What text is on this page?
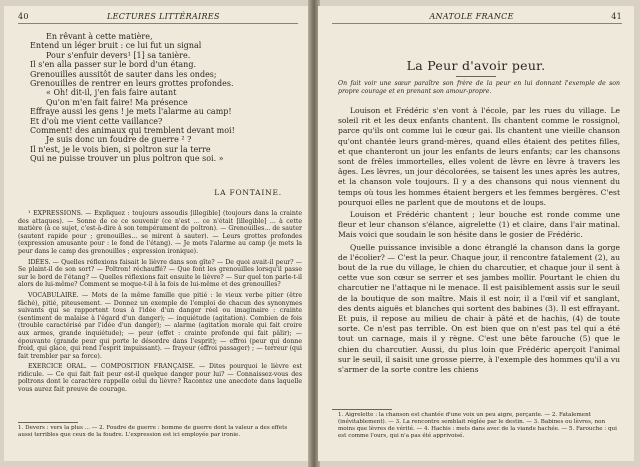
40	LECTURES LITTÉRAIRES
En rêvant à cette matière,
Entend un léger bruit : ce lui fut un signal
Pour s'enfuir devers¹ [1] sa tanière.
Il s'en alla passer sur le bord d'un étang.
Grenouilles aussitôt de sauter dans les ondes;
Grenouilles de rentrer en leurs grottes profondes.
« Oh! dit-il, j'en fais faire autant
Qu'on m'en fait faire! Ma présence
Effraye aussi les gens ! je mets l'alarme au camp!
Et d'où me vient cette vaillance?
Comment! des animaux qui tremblent devant moi!
Je suis donc un foudre de guerre ² ?
Il n'est, je le vois bien, si poltron sur la terre
Qui ne puisse trouver un plus poltron que soi. »
LA FONTAINE.

¹ EXPRESSIONS. — Expliquez : toujours assoudis [illegible] (toujours dans la crainte des attaques). — Sonne de ce ce souvenir (ce n'est ... ce n'était [illegible] ... à cette matière (à ce sujet, c'est-à-dire à son tempérament de poltron). — Grenouilles... de sauter (sautent rapide pour ; grenouilles... se mirent à sauter). — Leurs grottes profondes (expression amusante pour : le fond de l'étang). — Je mets l'alarme au camp (je mets la peur dans le camp des grenouilles ; expression ironique).

IDÉES. — Quelles réflexions faisait le lièvre dans son gîte? — De quoi avait-il peur? — Se plaint-il de son sort? — Poltron! réchauffé? — Que font les grenouilles lorsqu'il passe sur le bord de l'étang? — Quelles réflexions fait ensuite le lièvre? — Sur quel ton parle-t-il alors de lui-même? Comment se moque-t-il à la fois de lui-même et des grenouilles?

VOCABULAIRE. — Mots de la même famille que pitié : le vieux verbe pitier (être fâché), pitié, piteusement. — Donnez un exemple de l'emploi de chacun des synonymes suivants qui se rapportent tous à l'idée d'un danger réel ou imaginaire : crainte (sentiment de malaise à l'égard d'un danger); — inquiétude (agitation). Combien de fois (trouble caractérisé par l'idée d'un danger); — alarme (agitation morale qui fait croire aux armes, grande inquiétude); — peur (effet : crainte profonde qui fait pâlir); — épouvante (grande peur qui porte le désordre dans l'esprit); — effroi (peur qui donne froid, qui glace, qui rend l'esprit impuissant). — frayeur (effroi passager) ; — terreur (qui fait trembler par sa force).

EXERCICE ORAL. — COMPOSITION FRANÇAISE. — Dites pourquoi le lièvre est ridicule. — Ce qui fait fait peur est-il quelque danger pour lui? — Connaissez-vous des poltrons dont le caractère rappelle celui du lièvre? Racontez une anecdote dans laquelle vous aurez fait preuve de courage.

1. Devers : vers la plus ... — 2. Foudre de guerre : homme de guerre dont la valeur a des effets aussi terribles que ceux de la foudre. L'expression est ici employée par ironie.
ANATOLE FRANCE	41
La Peur d'avoir peur.
On fait voir une sœur paraître son frère de la peur en lui donnant l'exemple de son propre courage et en prenant son amour-propre.

Louison et Frédéric s'en vont à l'école, par les rues du village. Le soleil rit et les deux enfants chantent. Ils chantent comme le rossignol, parce qu'ils ont comme lui le cœur gai. Ils chantent une vieille chanson qu'ont chantée leurs grand-mères, quand elles étaient des petites filles, et que chanteront un jour les enfants de leurs enfants; car les chansons sont de frêles immortelles, elles volent de lèvre en lèvre à travers les âges. Les lèvres, un jour décolorées, se taisent les unes après les autres, et la chanson vole toujours. Il y a des chansons qui nous viennent du temps où tous les hommes étaient bergers et les femmes bergères. C'est pourquoi elles ne parlent que de moutons et de loups.

Louison et Frédéric chantent ; leur bouche est ronde comme une fleur et leur chanson s'élance, aigrelette (1) et claire, dans l'air matinal. Mais voici que soudain le son hésite dans le gosier de Frédéric.

Quelle puissance invisible a donc étranglé la chanson dans la gorge de l'écolier? — C'est la peur. Chaque jour, il rencontre fatalement (2), au bout de la rue du village, le chien du charcutier, et chaque jour il sent à cette vue son cœur se serrer et ses jambes mollir. Pourtant le chien du charcutier ne l'attaque ni le menace. Il est paisiblement assis sur le seuil de la boutique de son maître. Mais il est noir, il a l'œil vif et sanglant, des dents aiguës et blanches qui sortent des babines (3). Il est effrayant. Et puis, il repose au milieu de chair à pâté et de hachis, (4) de toute sorte. Ce n'est pas terrible. On est bien que on n'est pas tel qui a été tout un carnage, mais il y règne. C'est une bête farouche (5) que le chien du charcutier. Aussi, du plus loin que Frédéric aperçoit l'animal sur le seuil, il saisit une grosse pierre, à l'exemple des hommes qu'il a vu s'armer de la sorte contre les chiens

1. Aigrelette : la chanson est chantée d'une voix un peu aigre, perçante. — 2. Fatalement (inévitablement). — 3. La rencontre semblait réglée par le destin. — 3. Babines ou lèvres, non moins que lèvres de vérité. — 4. Hachis : mets dans avec de la viande hachée. — 5. Farouche : qui est comme l'ours, qui n'a pas été apprivoisé.
